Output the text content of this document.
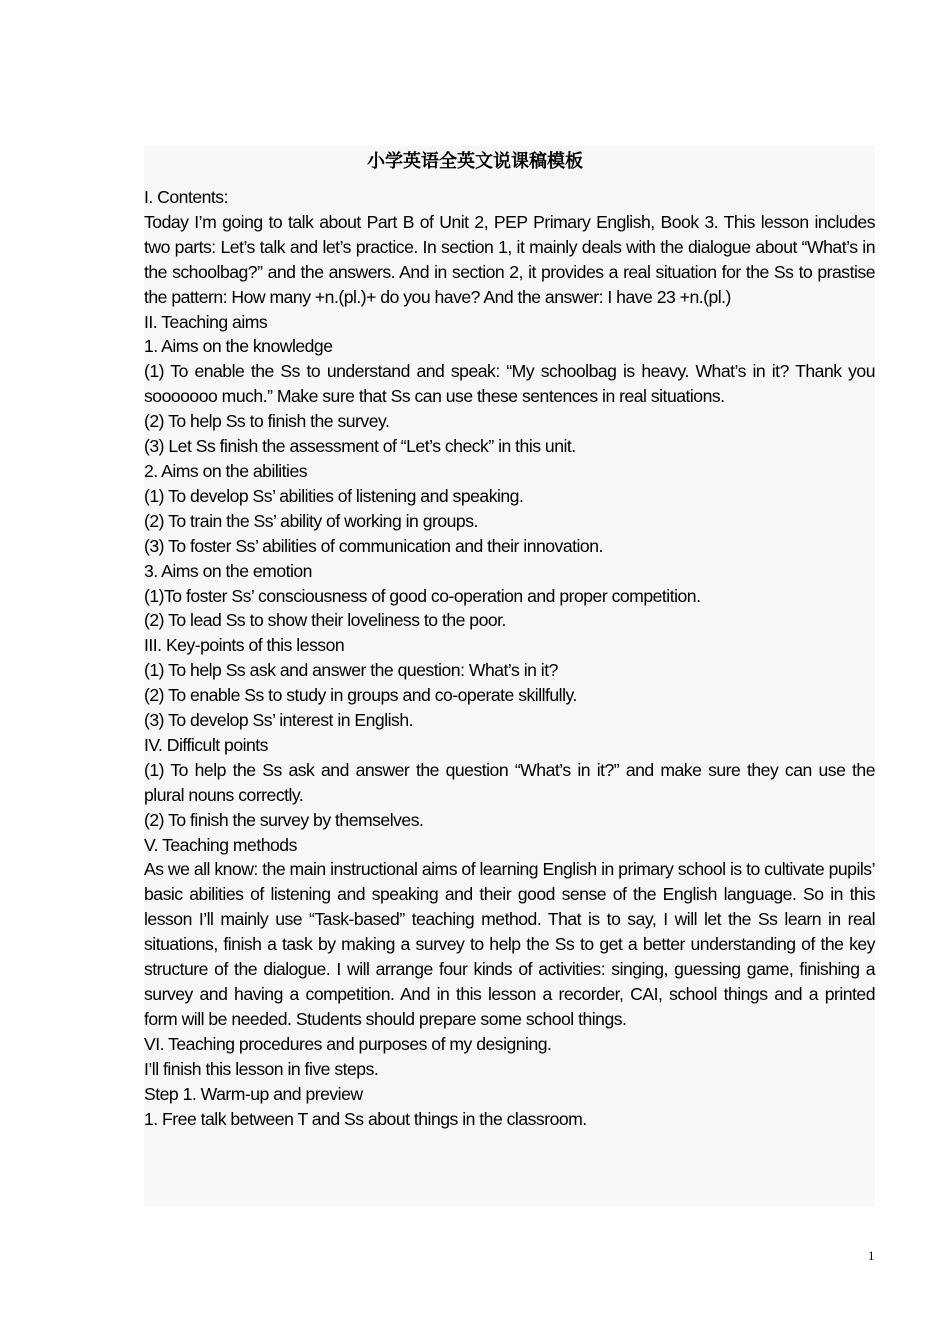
小学英语全英文说课稿模板
I. Contents:
Today I’m going to talk about Part B of Unit 2, PEP Primary English, Book 3. This lesson includes two parts: Let’s talk and let’s practice. In section 1, it mainly deals with the dialogue about “What’s in the schoolbag?” and the answers. And in section 2, it provides a real situation for the Ss to prastise the pattern: How many +n.(pl.)+ do you have? And the answer: I have 23 +n.(pl.)
II. Teaching aims
1. Aims on the knowledge
(1) To enable the Ss to understand and speak: “My schoolbag is heavy. What’s in it? Thank you sooooooo much.” Make sure that Ss can use these sentences in real situations.
(2) To help Ss to finish the survey.
(3) Let Ss finish the assessment of “Let’s check” in this unit.
2. Aims on the abilities
(1) To develop Ss’ abilities of listening and speaking.
(2) To train the Ss’ ability of working in groups.
(3) To foster Ss’ abilities of communication and their innovation.
3. Aims on the emotion
(1)To foster Ss’ consciousness of good co-operation and proper competition.
(2) To lead Ss to show their loveliness to the poor.
III. Key-points of this lesson
(1) To help Ss ask and answer the question: What’s in it?
(2) To enable Ss to study in groups and co-operate skillfully.
(3) To develop Ss’ interest in English.
IV. Difficult points
(1) To help the Ss ask and answer the question “What’s in it?” and make sure they can use the plural nouns correctly.
(2) To finish the survey by themselves.
V. Teaching methods
As we all know: the main instructional aims of learning English in primary school is to cultivate pupils’ basic abilities of listening and speaking and their good sense of the English language. So in this lesson I’ll mainly use “Task-based” teaching method. That is to say, I will let the Ss learn in real situations, finish a task by making a survey to help the Ss to get a better understanding of the key structure of the dialogue. I will arrange four kinds of activities: singing, guessing game, finishing a survey and having a competition. And in this lesson a recorder, CAI, school things and a printed form will be needed. Students should prepare some school things.
VI. Teaching procedures and purposes of my designing.
I’ll finish this lesson in five steps.
Step 1. Warm-up and preview
1. Free talk between T and Ss about things in the classroom.
1
